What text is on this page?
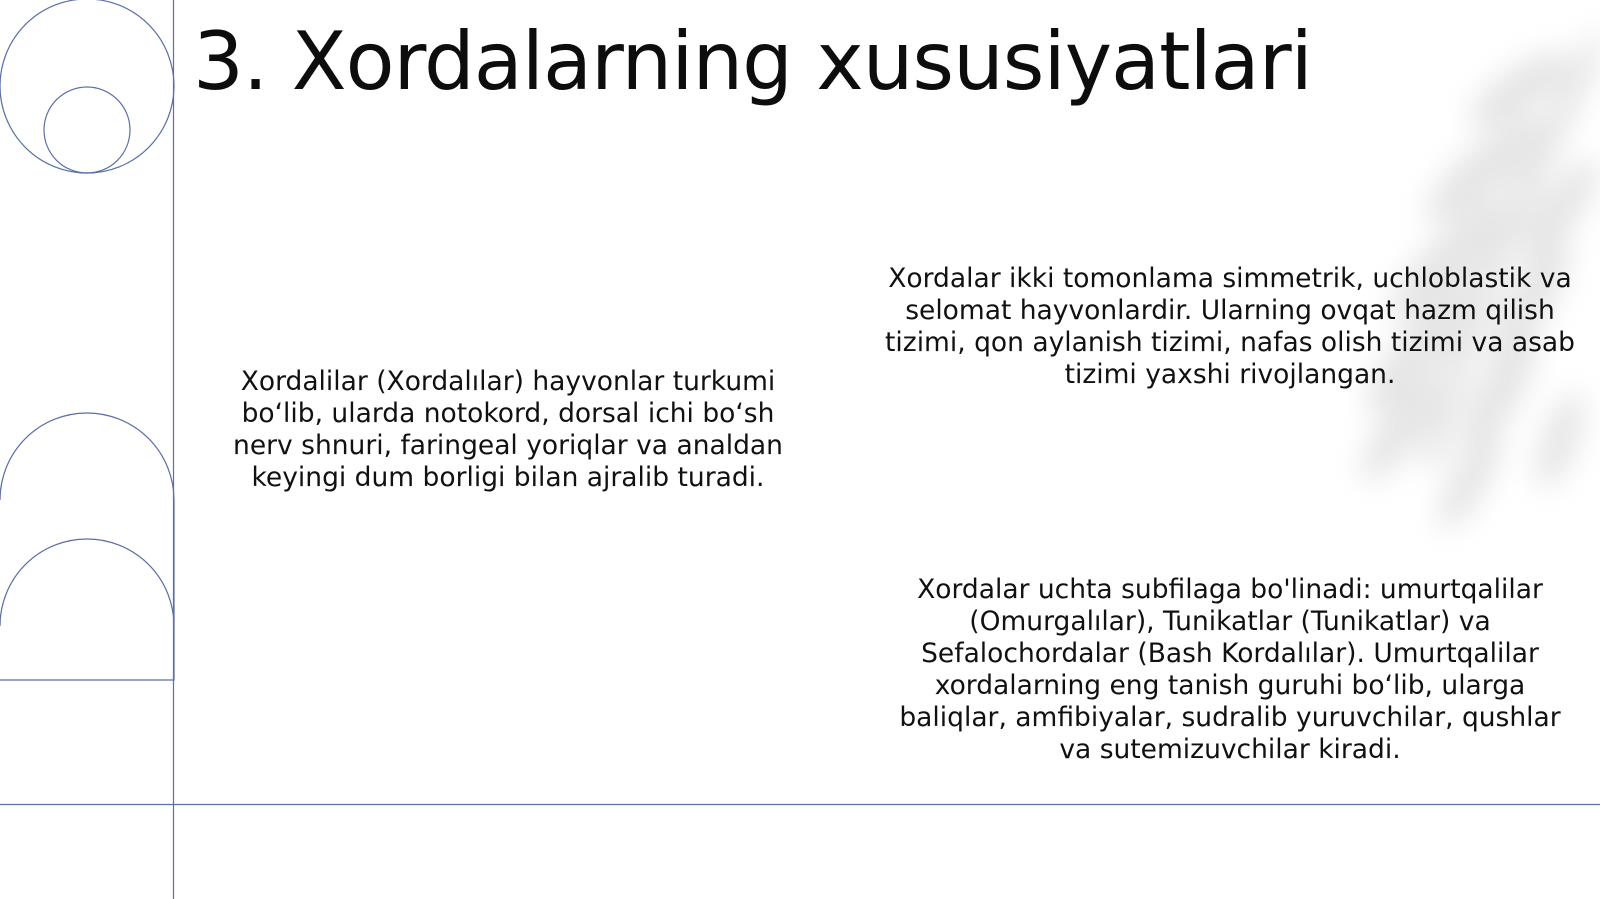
3. Xordalarning xususiyatlari

Xordalilar (Xordalılar) hayvonlar turkumi bo‘lib, ularda notokord, dorsal ichi bo‘sh nerv shnuri, faringeal yoriqlar va analdan keyingi dum borligi bilan ajralib turadi.

Xordalar ikki tomonlama simmetrik, uchloblastik va selomat hayvonlardir. Ularning ovqat hazm qilish tizimi, qon aylanish tizimi, nafas olish tizimi va asab tizimi yaxshi rivojlangan.

Xordalar uchta subfilaga bo'linadi: umurtqalilar (Omurgalılar), Tunikatlar (Tunikatlar) va Sefalochordalar (Bash Kordalılar). Umurtqalilar xordalarning eng tanish guruhi bo‘lib, ularga baliqlar, amfibiyalar, sudralib yuruvchilar, qushlar va sutemizuvchilar kiradi.
